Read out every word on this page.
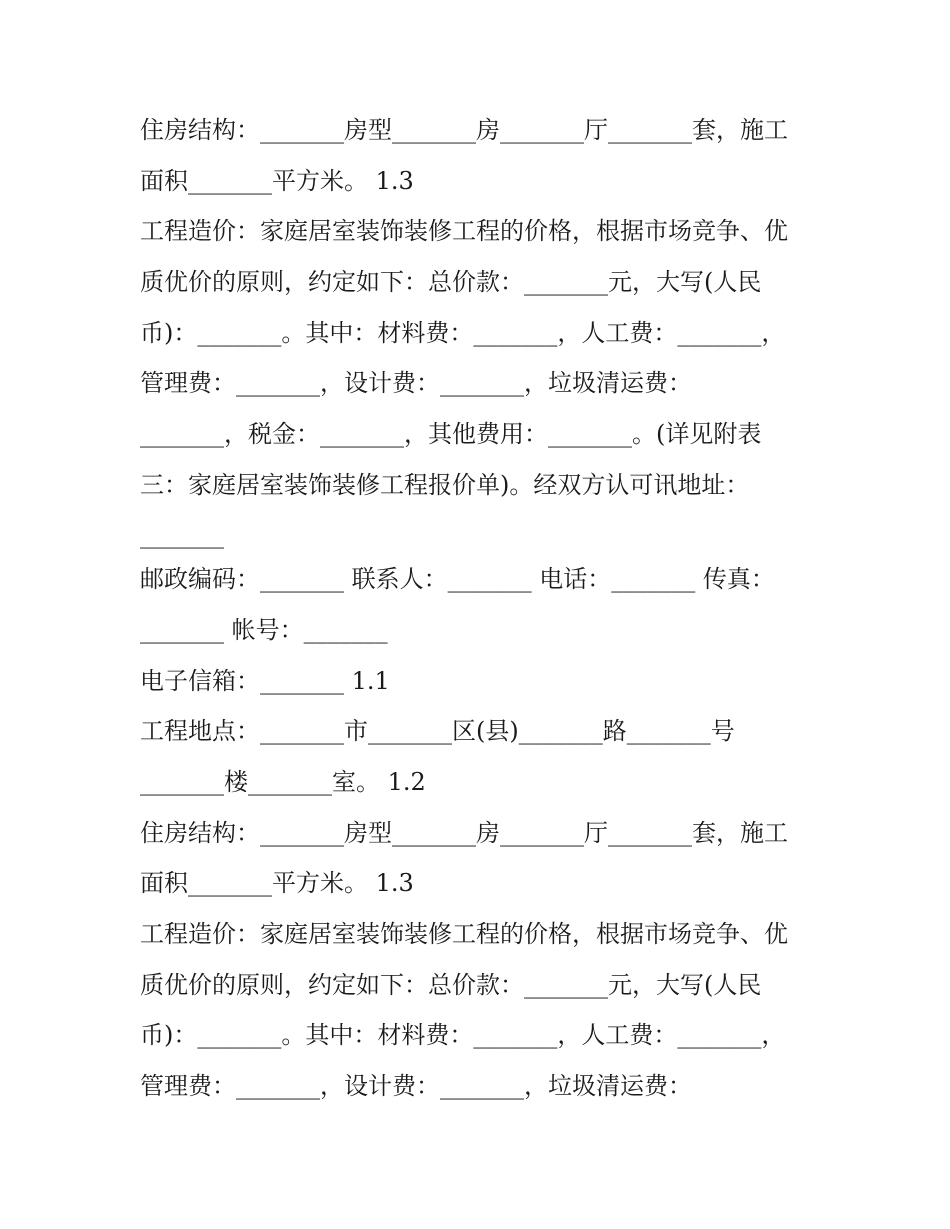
住房结构：_______房型_______房_______厅_______套，施工
面积_______平方米。 1.3
工程造价：家庭居室装饰装修工程的价格，根据市场竞争、优
质优价的原则，约定如下：总价款：_______元，大写(人民
币)：_______。其中：材料费：_______，人工费：_______，
管理费：_______，设计费：_______，垃圾清运费：
_______，税金：_______，其他费用：_______。(详见附表
三：家庭居室装饰装修工程报价单)。经双方认可讯地址：
_______
邮政编码：_______ 联系人：_______ 电话：_______ 传真：
_______ 帐号：_______
电子信箱：_______ 1.1
工程地点：_______市_______区(县)_______路_______号
_______楼_______室。 1.2
住房结构：_______房型_______房_______厅_______套，施工
面积_______平方米。 1.3
工程造价：家庭居室装饰装修工程的价格，根据市场竞争、优
质优价的原则，约定如下：总价款：_______元，大写(人民
币)：_______。其中：材料费：_______，人工费：_______，
管理费：_______，设计费：_______，垃圾清运费：
